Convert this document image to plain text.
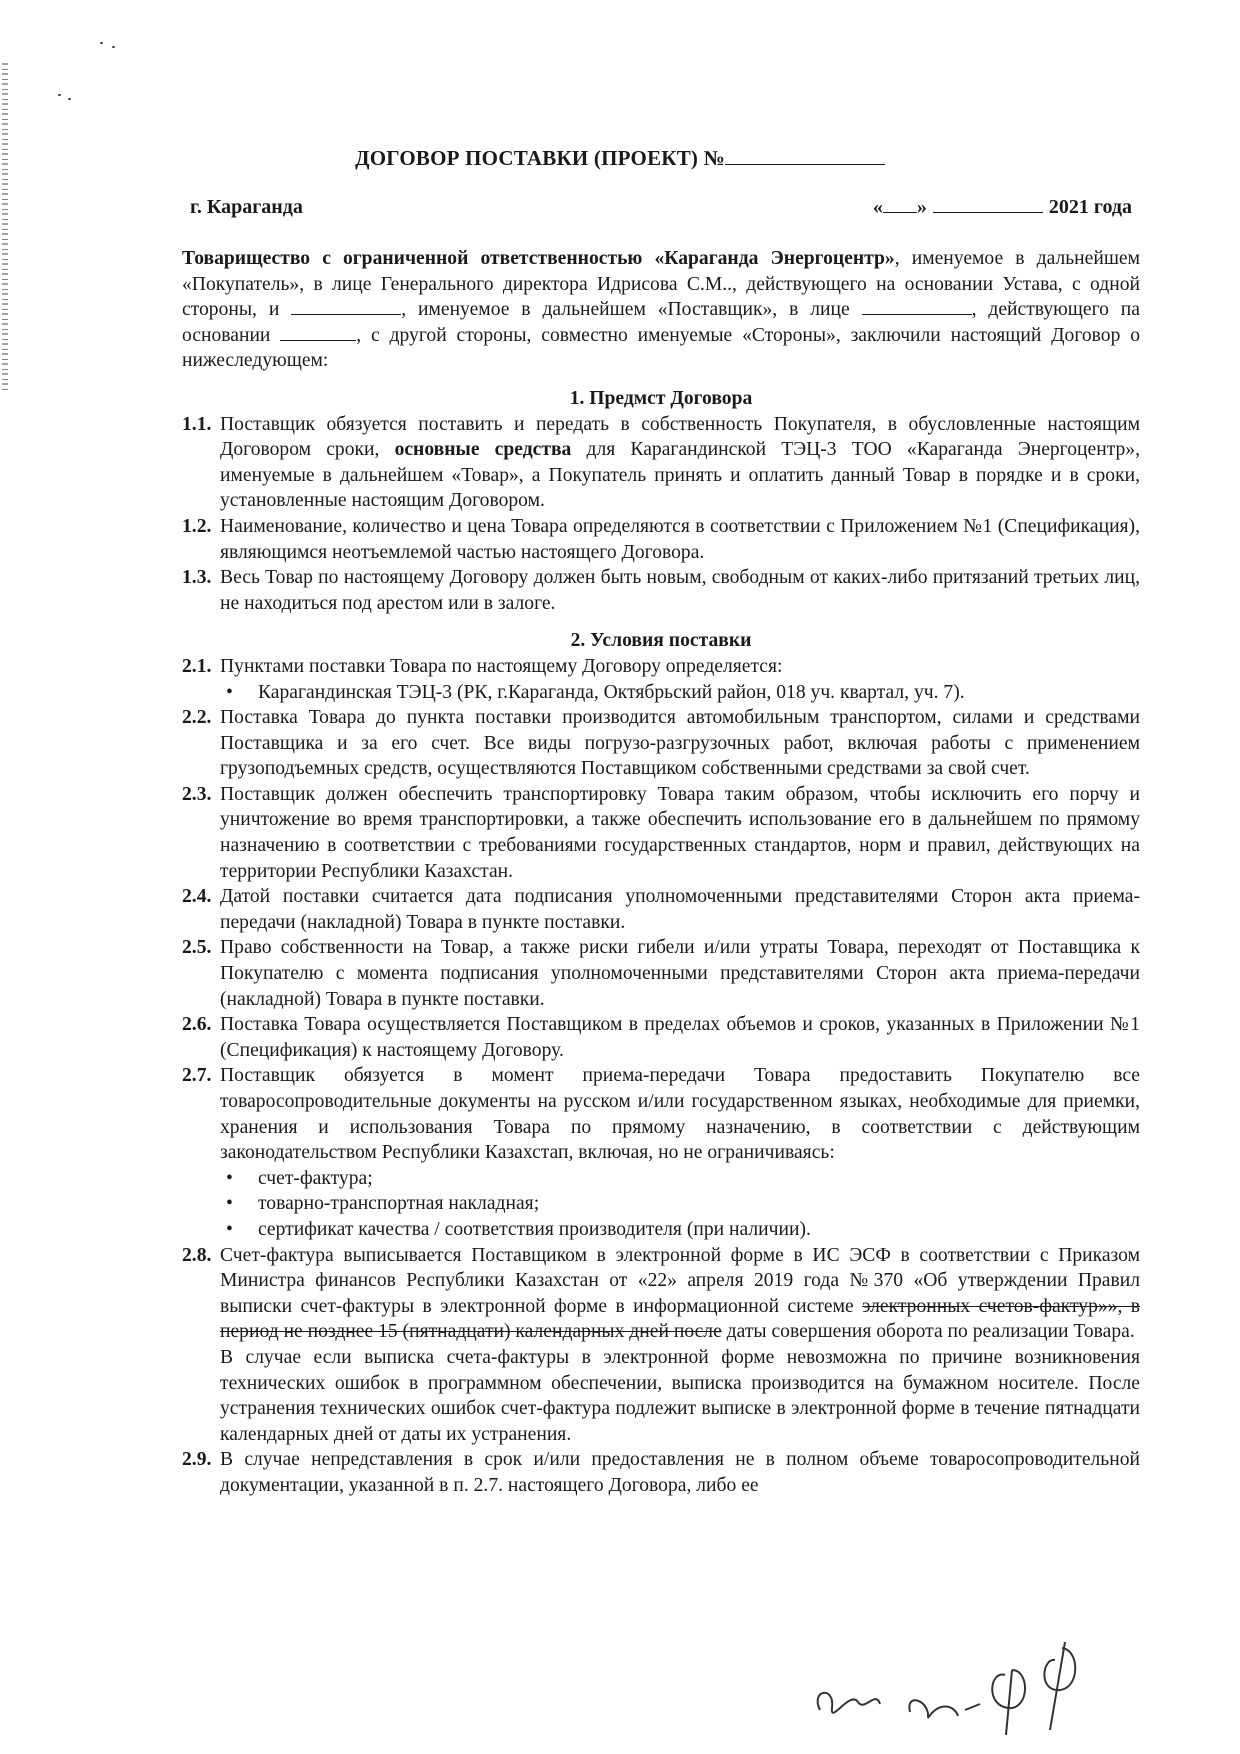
ДОГОВОР ПОСТАВКИ (ПРОЕКТ) №
г. Караганда	« »	2021 года

Товарищество с ограниченной ответственностью «Караганда Энергоцентр», именуемое в дальнейшем «Покупатель», в лице Генерального директора Идрисова С.М.., действующего на основании Устава, с одной стороны, и	, именуемое в дальнейшем «Поставщик», в лице	, действующего па основании	, с другой стороны, совместно именуемые «Стороны», заключили настоящий Договор о нижеследующем:

1. Предмст Договора
1.1. Поставщик обязуется поставить и передать в собственность Покупателя, в обусловленные настоящим Договором сроки, основные средства для Карагандинской ТЭЦ-3 ТОО «Караганда Энергоцентр», именуемые в дальнейшем «Товар», а Покупатель принять и оплатить данный Товар в порядке и в сроки, установленные настоящим Договором.
1.2. Наименование, количество и цена Товара определяются в соответствии с Приложением №1 (Спецификация), являющимся неотъемлемой частью настоящего Договора.
1.3. Весь Товар по настоящему Договору должен быть новым, свободным от каких-либо притязаний третьих лиц, не находиться под арестом или в залоге.
2. Условия поставки
2.1. Пунктами поставки Товара по настоящему Договору определяется:
• Карагандинская ТЭЦ-3 (РК, г.Караганда, Октябрьский район, 018 уч. квартал, уч. 7).
2.2. Поставка Товара до пункта поставки производится автомобильным транспортом, силами и средствами Поставщика и за его счет. Все виды погрузо-разгрузочных работ, включая работы с применением грузоподъемных средств, осуществляются Поставщиком собственными средствами за свой счет.
2.3. Поставщик должен обеспечить транспортировку Товара таким образом, чтобы исключить его порчу и уничтожение во время транспортировки, а также обеспечить использование его в дальнейшем по прямому назначению в соответствии с требованиями государственных стандартов, норм и правил, действующих на территории Республики Казахстан.
2.4. Датой поставки считается дата подписания уполномоченными представителями Сторон акта приема-передачи (накладной) Товара в пункте поставки.
2.5. Право собственности на Товар, а также риски гибели и/или утраты Товара, переходят от Поставщика к Покупателю с момента подписания уполномоченными представителями Сторон акта приема-передачи (накладной) Товара в пункте поставки.
2.6. Поставка Товара осуществляется Поставщиком в пределах объемов и сроков, указанных в Приложении №1 (Спецификация) к настоящему Договору.
2.7. Поставщик обязуется в момент приема-передачи Товара предоставить Покупателю все товаросопроводительные документы на русском и/или государственном языках, необходимые для приемки, хранения и использования Товара по прямому назначению, в соответствии с действующим законодательством Республики Казахстап, включая, но не ограничиваясь:
• счет-фактура;
• товарно-транспортная накладная;
• сертификат качества / соответствия производителя (при наличии).
2.8. Счет-фактура выписывается Поставщиком в электронной форме в ИС ЭСФ в соответствии с Приказом Министра финансов Республики Казахстан от «22» апреля 2019 года №370 «Об утверждении Правил выписки счет-фактуры в электронной форме в информационной системе электронных счетов-фактур»», в период не позднее 15 (пятнадцати) календарных дней после даты совершения оборота по реализации Товара.

В случае если выписка счета-фактуры в электронной форме невозможна по причине возникновения технических ошибок в программном обеспечении, выписка производится на бумажном носителе. После устранения технических ошибок счет-фактура подлежит выписке в электронной форме в течение пятнадцати календарных дней от даты их устранения.

2.9. В случае непредставления в срок и/или предоставления не в полном объеме товаросопроводительной документации, указанной в п. 2.7. настоящего Договора, либо ее
